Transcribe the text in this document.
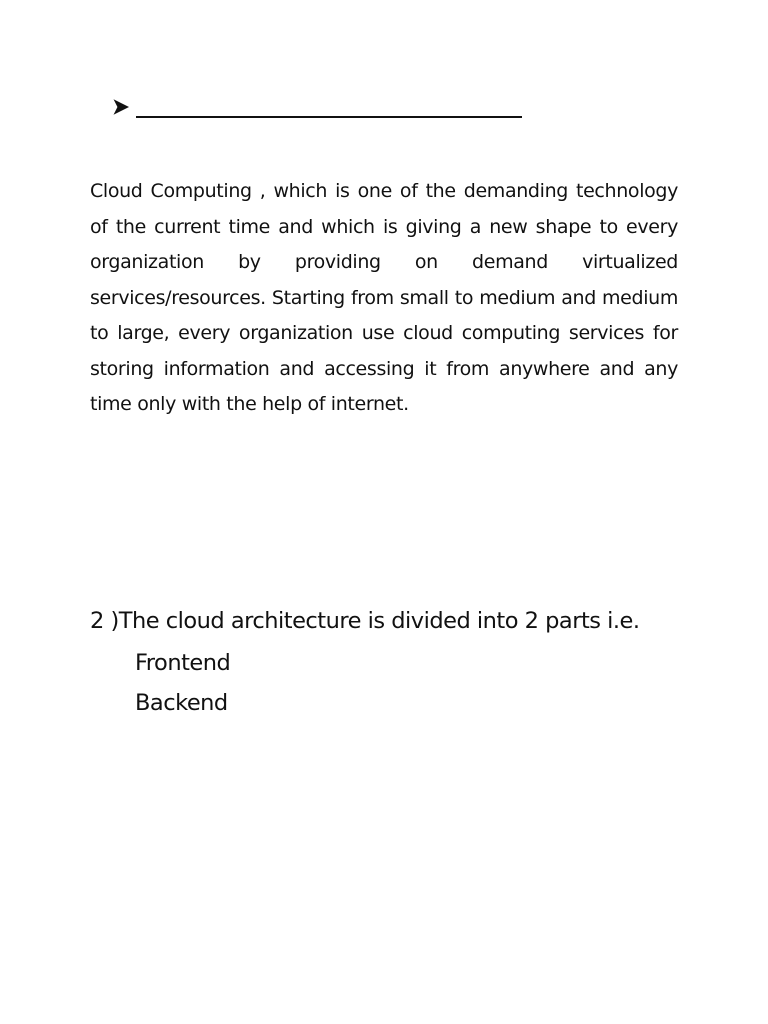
Cloud Computing , which is one of the demanding technology of the current time and which is giving a new shape to every organization by providing on demand virtualized services/resources. Starting from small to medium and medium to large, every organization use cloud computing services for storing information and accessing it from anywhere and any time only with the help of internet.

2 )The cloud architecture is divided into 2 parts i.e.
Frontend
Backend
